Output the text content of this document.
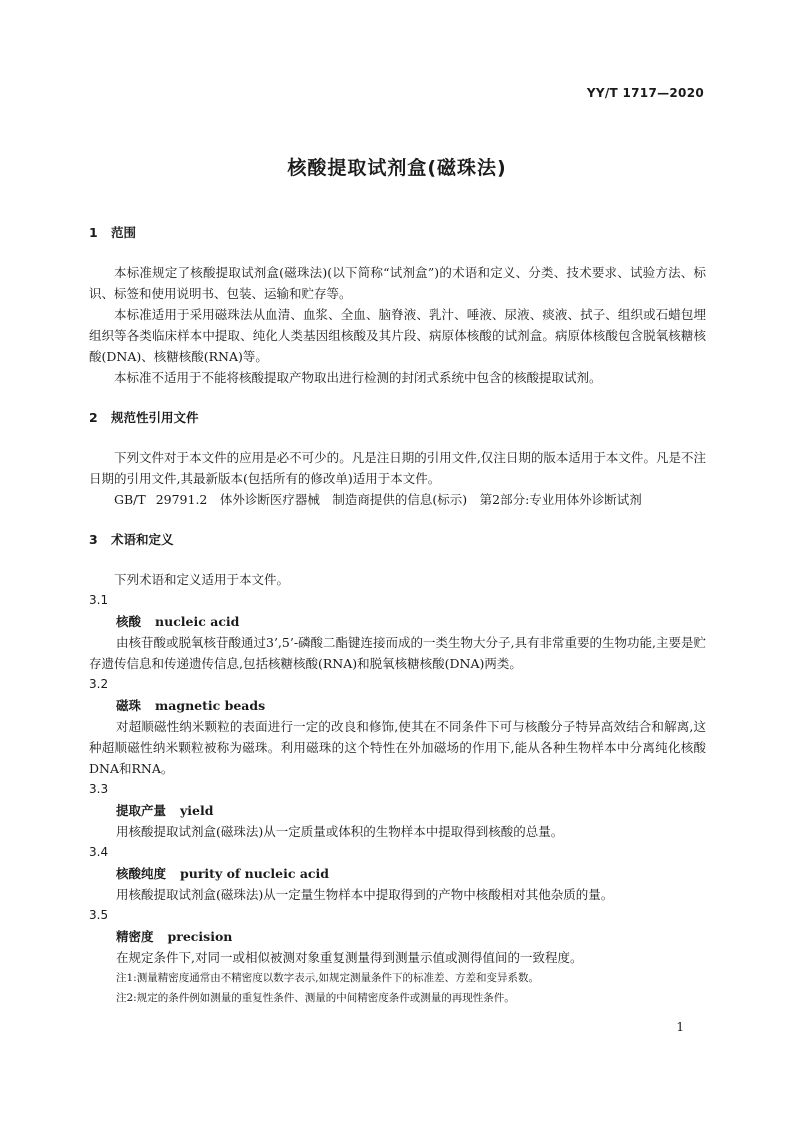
YY/T 1717—2020
核酸提取试剂盒(磁珠法)
1 范围
本标准规定了核酸提取试剂盒(磁珠法)(以下简称“试剂盒”)的术语和定义、分类、技术要求、试验方法、标识、标签和使用说明书、包装、运输和贮存等。
本标准适用于采用磁珠法从血清、血浆、全血、脑脊液、乳汁、唾液、尿液、痰液、拭子、组织或石蜡包埋组织等各类临床样本中提取、纯化人类基因组核酸及其片段、病原体核酸的试剂盒。病原体核酸包含脱氧核糖核酸(DNA)、核糖核酸(RNA)等。
本标准不适用于不能将核酸提取产物取出进行检测的封闭式系统中包含的核酸提取试剂。
2 规范性引用文件
下列文件对于本文件的应用是必不可少的。凡是注日期的引用文件,仅注日期的版本适用于本文件。凡是不注日期的引用文件,其最新版本(包括所有的修改单)适用于本文件。
GB/T 29791.2　体外诊断医疗器械　制造商提供的信息(标示)　第2部分:专业用体外诊断试剂
3 术语和定义
下列术语和定义适用于本文件。
3.1
核酸 nucleic acid
由核苷酸或脱氧核苷酸通过3’,5’-磷酸二酯键连接而成的一类生物大分子,具有非常重要的生物功能,主要是贮存遗传信息和传递遗传信息,包括核糖核酸(RNA)和脱氧核糖核酸(DNA)两类。
3.2
磁珠 magnetic beads
对超顺磁性纳米颗粒的表面进行一定的改良和修饰,使其在不同条件下可与核酸分子特异高效结合和解离,这种超顺磁性纳米颗粒被称为磁珠。利用磁珠的这个特性在外加磁场的作用下,能从各种生物样本中分离纯化核酸DNA和RNA。
3.3
提取产量 yield
用核酸提取试剂盒(磁珠法)从一定质量或体积的生物样本中提取得到核酸的总量。
3.4
核酸纯度 purity of nucleic acid
用核酸提取试剂盒(磁珠法)从一定量生物样本中提取得到的产物中核酸相对其他杂质的量。
3.5
精密度 precision
在规定条件下,对同一或相似被测对象重复测量得到测量示值或测得值间的一致程度。
注1:测量精密度通常由不精密度以数字表示,如规定测量条件下的标准差、方差和变异系数。
注2:规定的条件例如测量的重复性条件、测量的中间精密度条件或测量的再现性条件。
1
